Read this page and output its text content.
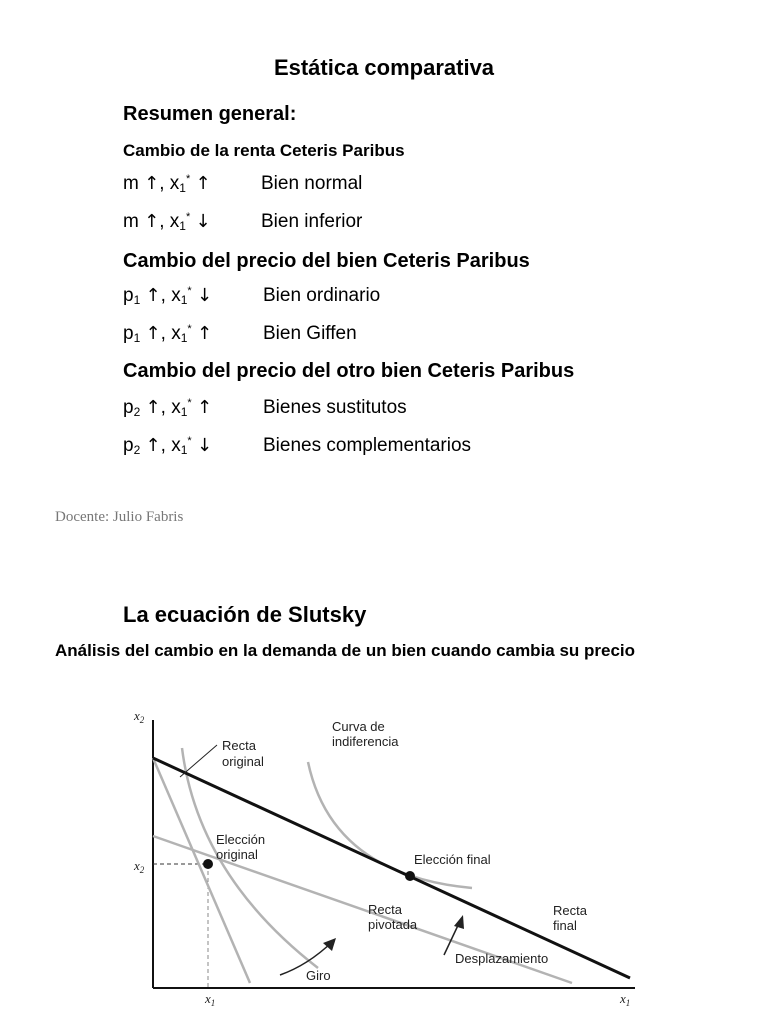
Estática comparativa
Resumen general:
Cambio de la renta Ceteris Paribus
m ↑, $x_1^*$ ↑	Bien normal
m ↑, $x_1^*$ ↓	Bien inferior
Cambio del precio del bien Ceteris Paribus
$p_1$ ↑, $x_1^*$ ↓	Bien ordinario
$p_1$ ↑, $x_1^*$ ↑	Bien Giffen
Cambio del precio del otro bien Ceteris Paribus
$p_2$ ↑, $x_1^*$ ↑	Bienes sustitutos
$p_2$ ↑, $x_1^*$ ↓	Bienes complementarios
Docente: Julio Fabris
La ecuación de Slutsky
Análisis del cambio en la demanda de un bien cuando cambia su precio
$x_2$
$x_1$
$x_2$
$x_1$
Recta original
Curva de indiferencia
Elección original	Elección final
Recta pivotada
Recta final
Giro
Desplazamiento
